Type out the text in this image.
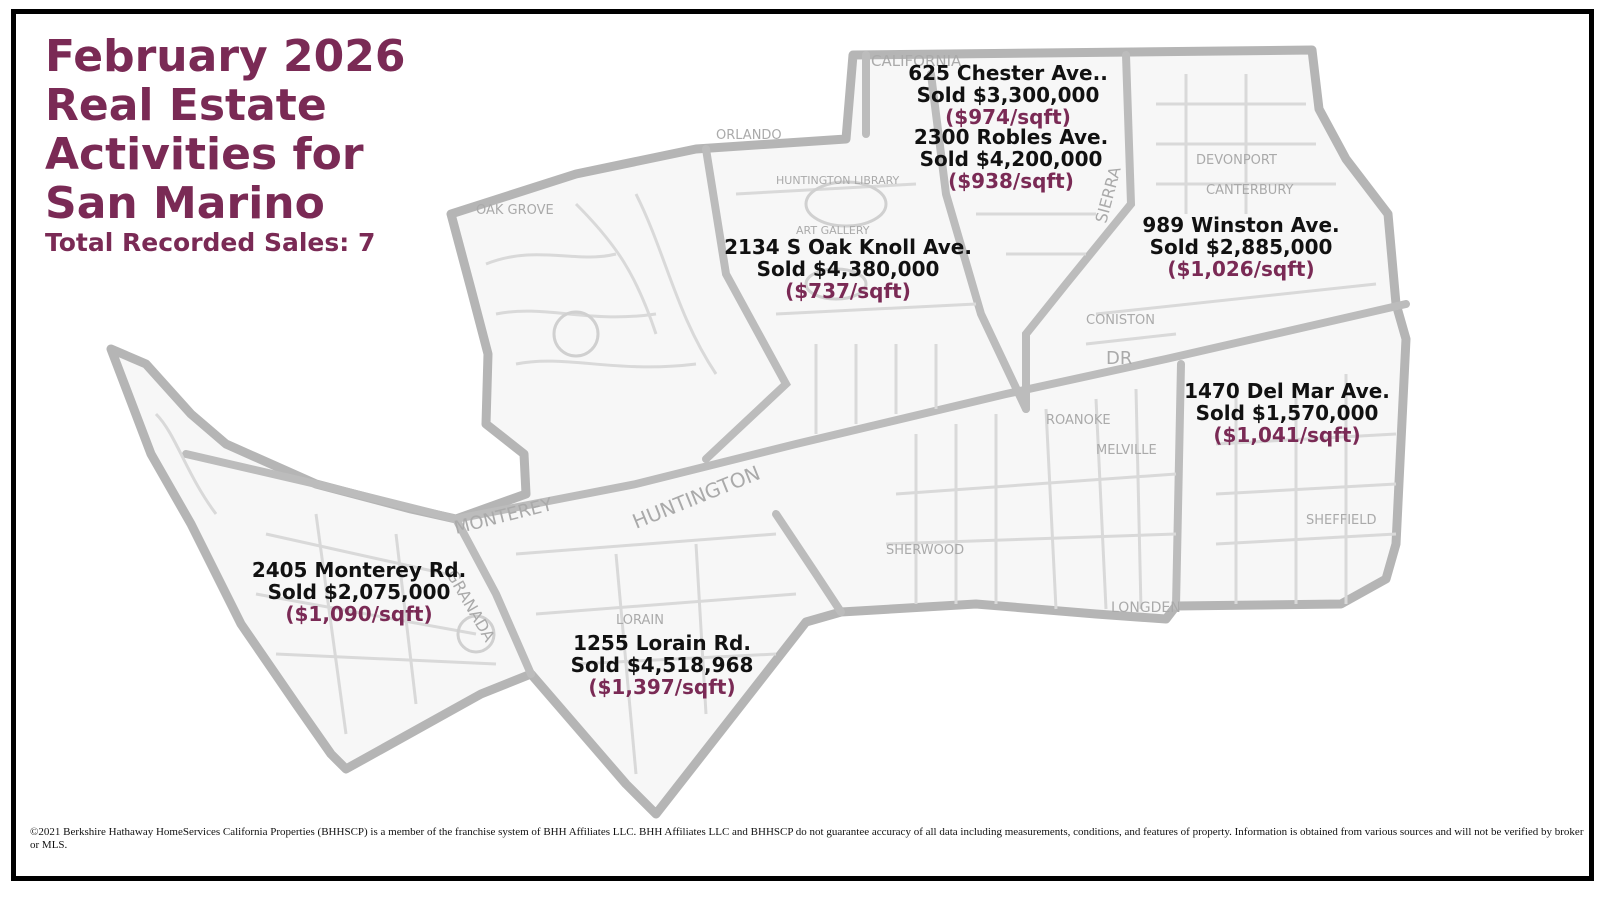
CALIFORNIA
ORLANDO
HUNTINGTON LIBRARY
ART GALLERY
OAK GROVE
MONTEREY	HUNTINGTON
GRANADA
SIERRA
LONGDEN
ROANOKE
MELVILLE
SHEFFIELD
CONISTON
DEVONPORT
CANTERBURY
LORAIN
SHERWOOD
DR
February 2026
Real Estate
Activities for
San Marino
Total Recorded Sales: 7
625 Chester Ave..
Sold $3,300,000
($974/sqft)
2300 Robles Ave.
Sold $4,200,000
($938/sqft)
989 Winston Ave.
Sold $2,885,000
($1,026/sqft)
2134 S Oak Knoll Ave.
Sold $4,380,000
($737/sqft)
1470 Del Mar Ave.
Sold $1,570,000
($1,041/sqft)
2405 Monterey Rd.
Sold $2,075,000
($1,090/sqft)
1255 Lorain Rd.
Sold $4,518,968
($1,397/sqft)
©2021 Berkshire Hathaway HomeServices California Properties (BHHSCP) is a member of the franchise system of BHH Affiliates LLC. BHH Affiliates LLC and BHHSCP do not guarantee accuracy of all data including measurements, conditions, and features of property. Information is obtained from various sources and will not be verified by broker or MLS.
